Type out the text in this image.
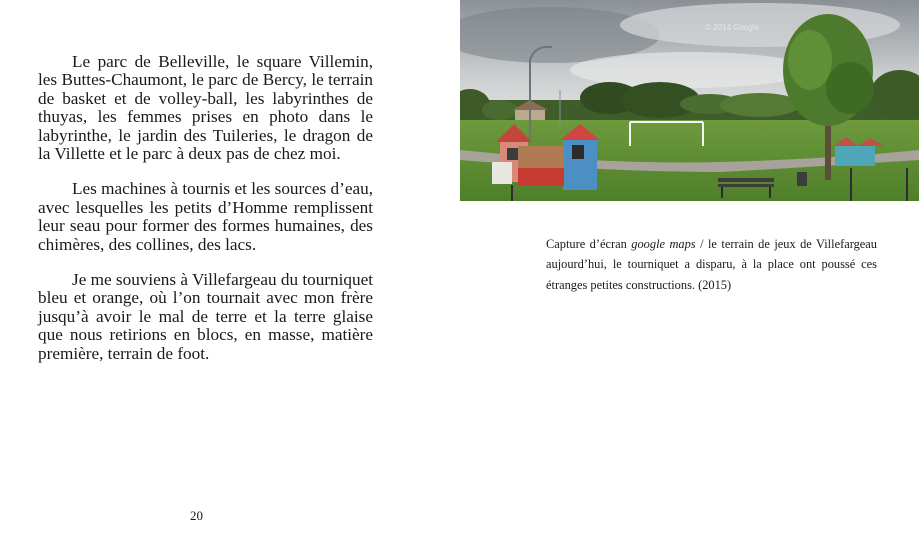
Le parc de Belleville, le square Villemin, les Buttes-Chaumont, le parc de Bercy, le terrain de basket et de volley-ball, les labyrinthes de thuyas, les femmes prises en photo dans le labyrinthe, le jardin des Tuileries, le dragon de la Villette et le parc à deux pas de chez moi.

Les machines à tournis et les sources d’eau, avec lesquelles les petits d’Homme remplissent leur seau pour former des formes humaines, des chimères, des collines, des lacs.

Je me souviens à Villefargeau du tourniquet bleu et orange, où l’on tournait avec mon frère jusqu’à avoir le mal de terre et la terre glaise que nous retirions en blocs, en masse, matière première, terrain de foot.

20
© 2014 Google
Capture d’écran google maps / le terrain de jeux de Villefargeau aujourd’hui, le tourniquet a disparu, à la place ont poussé ces étranges petites constructions. (2015)
